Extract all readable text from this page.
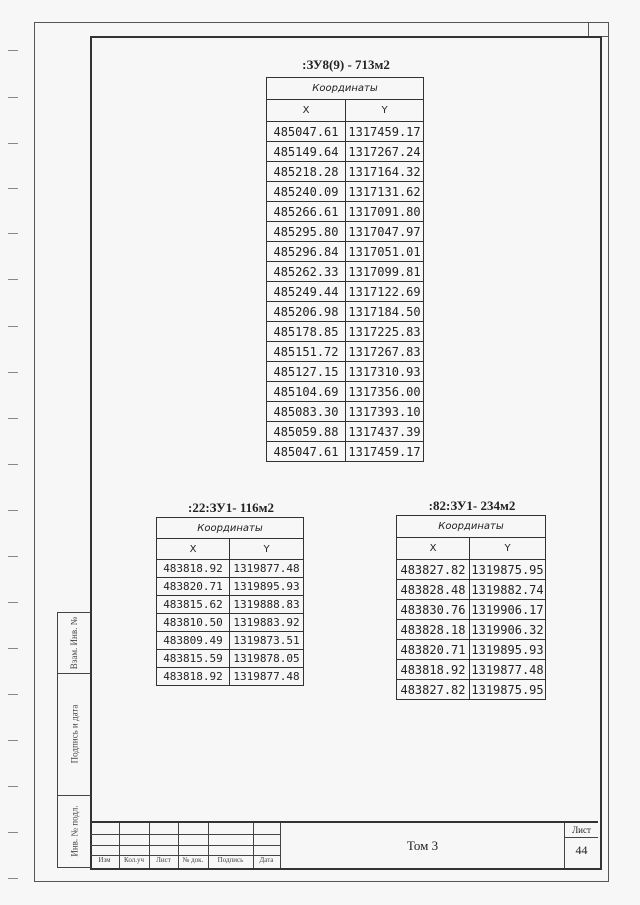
Взам. Инв. №
Подпись и дата
Инв. № подл.
:ЗУ8(9) - 713м2
Координаты	
X	Y
485047.61	1317459.17
485149.64	1317267.24
485218.28	1317164.32
485240.09	1317131.62
485266.61	1317091.80
485295.80	1317047.97
485296.84	1317051.01
485262.33	1317099.81
485249.44	1317122.69
485206.98	1317184.50
485178.85	1317225.83
485151.72	1317267.83
485127.15	1317310.93
485104.69	1317356.00
485083.30	1317393.10
485059.88	1317437.39
485047.61	1317459.17
:22:ЗУ1- 116м2
Координаты	
X	Y
483818.92	1319877.48
483820.71	1319895.93
483815.62	1319888.83
483810.50	1319883.92
483809.49	1319873.51
483815.59	1319878.05
483818.92	1319877.48
:82:ЗУ1- 234м2
Координаты	
X	Y
483827.82	1319875.95
483828.48	1319882.74
483830.76	1319906.17
483828.18	1319906.32
483820.71	1319895.93
483818.92	1319877.48
483827.82	1319875.95
Изм	Кол.уч	Лист	№ док.	Подпись	Дата
Том 3
Лист
44
